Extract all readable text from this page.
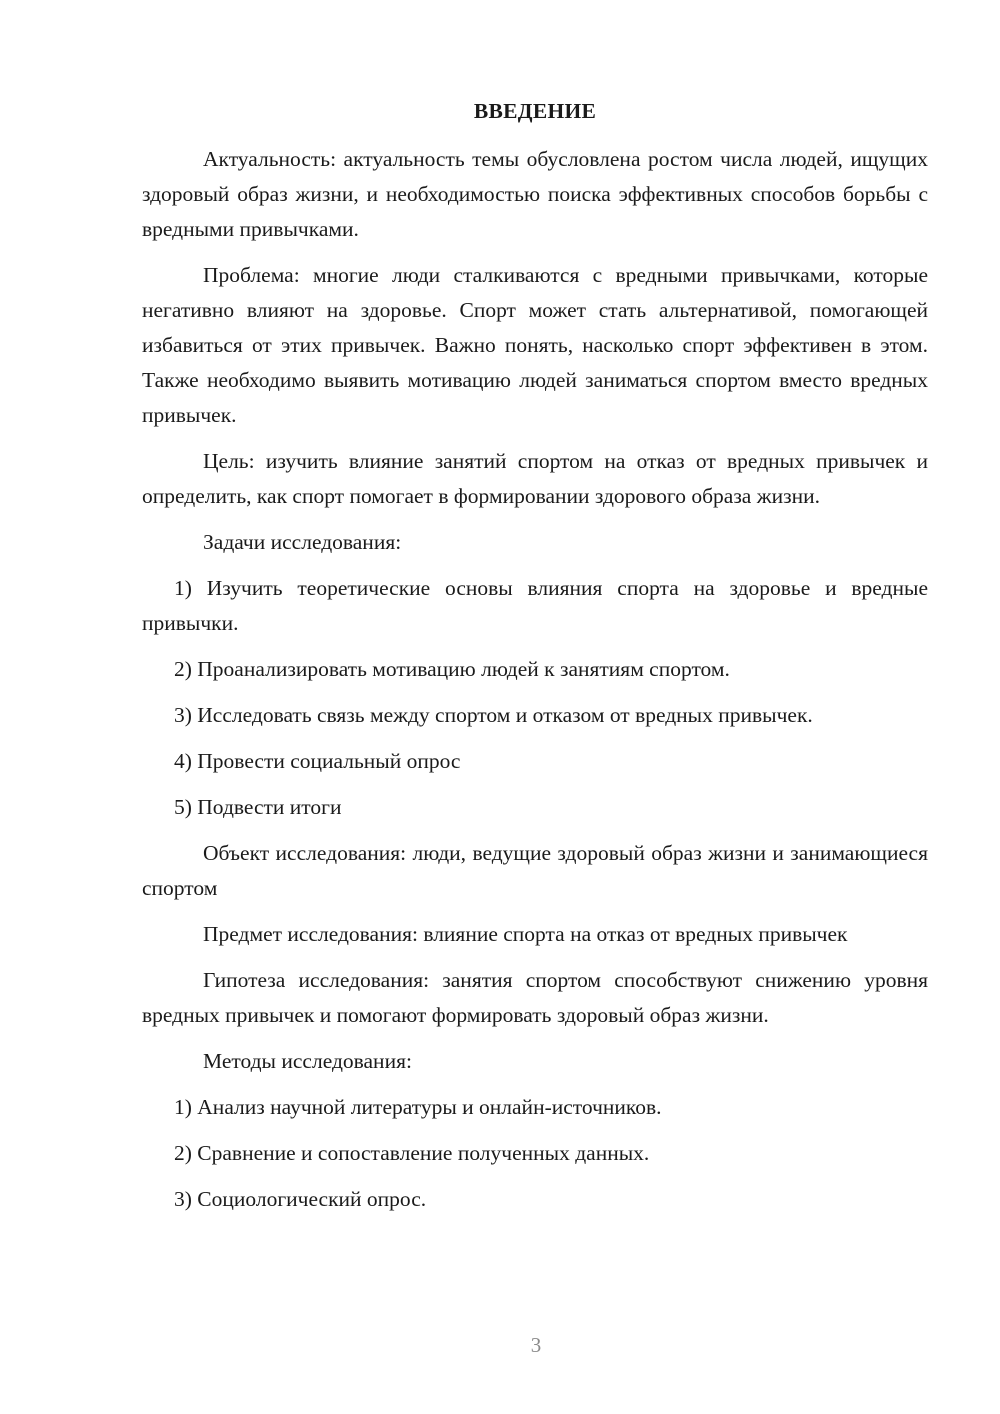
ВВЕДЕНИЕ

Актуальность: актуальность темы обусловлена ростом числа людей, ищущих здоровый образ жизни, и необходимостью поиска эффективных способов борьбы с вредными привычками.

Проблема: многие люди сталкиваются с вредными привычками, которые негативно влияют на здоровье. Спорт может стать альтернативой, помогающей избавиться от этих привычек. Важно понять, насколько спорт эффективен в этом. Также необходимо выявить мотивацию людей заниматься спортом вместо вредных привычек.

Цель: изучить влияние занятий спортом на отказ от вредных привычек и определить, как спорт помогает в формировании здорового образа жизни.

Задачи исследования:

1) Изучить теоретические основы влияния спорта на здоровье и вредные привычки.

2) Проанализировать мотивацию людей к занятиям спортом.

3) Исследовать связь между спортом и отказом от вредных привычек.

4) Провести социальный опрос

5) Подвести итоги

Объект исследования: люди, ведущие здоровый образ жизни и занимающиеся спортом

Предмет исследования: влияние спорта на отказ от вредных привычек

Гипотеза исследования: занятия спортом способствуют снижению уровня вредных привычек и помогают формировать здоровый образ жизни.

Методы исследования:

1) Анализ научной литературы и онлайн-источников.

2) Сравнение и сопоставление полученных данных.

3) Социологический опрос.

3
